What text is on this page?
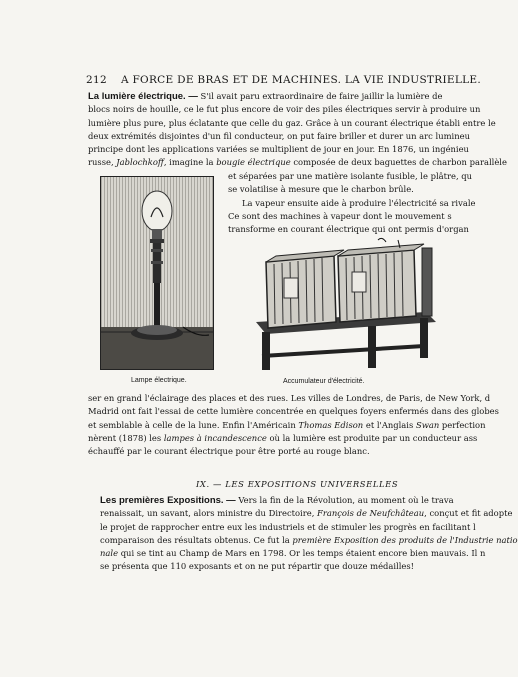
212 A FORCE DE BRAS ET DE MACHINES. LA VIE INDUSTRIELLE.
La lumière électrique. — S'il avait paru extraordinaire de faire jaillir la lumière de
blocs noirs de houille, ce le fut plus encore de voir des piles électriques servir à produire un
lumière plus pure, plus éclatante que celle du gaz. Grâce à un courant électrique établi entre le
deux extrémités disjointes d'un fil conducteur, on put faire briller et durer un arc lumineu
principe dont les applications variées se multiplient de jour en jour. En 1876, un ingénieu
russe, Jablochkoff, imagine la bougie électrique composée de deux baguettes de charbon parallèle
Lampe électrique.
et séparées par une matière isolante fusible, le plâtre, qu
se volatilise à mesure que le charbon brûle.
La vapeur ensuite aide à produire l'électricité sa rivale
Ce sont des machines à vapeur dont le mouvement s
transforme en courant électrique qui ont permis d'organ
Accumulateur d'électricité.
ser en grand l'éclairage des places et des rues. Les villes de Londres, de Paris, de New York, d
Madrid ont fait l'essai de cette lumière concentrée en quelques foyers enfermés dans des globes
et semblable à celle de la lune. Enfin l'Américain Thomas Edison et l'Anglais Swan perfection
nèrent (1878) les lampes à incandescence où la lumière est produite par un conducteur ass
échauffé par le courant électrique pour être porté au rouge blanc.
IX. — LES EXPOSITIONS UNIVERSELLES
Les premières Expositions. — Vers la fin de la Révolution, au moment où le trava
renaissait, un savant, alors ministre du Directoire, François de Neufchâteau, conçut et fit adopte
le projet de rapprocher entre eux les industriels et de stimuler les progrès en facilitant l
comparaison des résultats obtenus. Ce fut la première Exposition des produits de l'Industrie natio
nale qui se tint au Champ de Mars en 1798. Or les temps étaient encore bien mauvais. Il n
se présenta que 110 exposants et on ne put répartir que douze médailles!
